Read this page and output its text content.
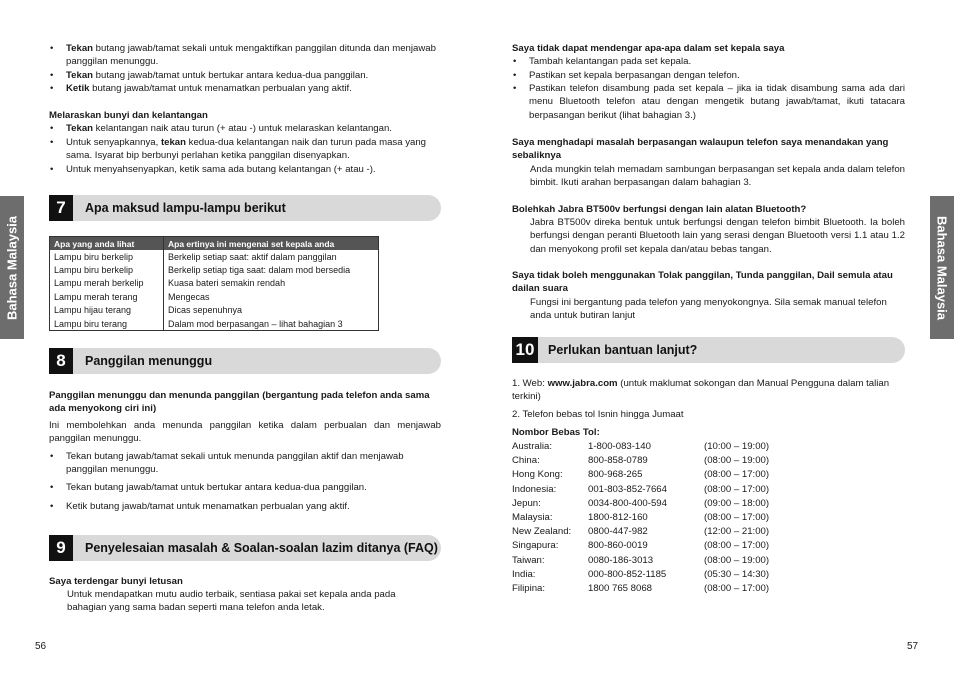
Bahasa Malaysia	Bahasa Malaysia
• Tekan butang jawab/tamat sekali untuk mengaktifkan panggilan ditunda dan menjawab panggilan menunggu.
• Tekan butang jawab/tamat untuk bertukar antara kedua-dua panggilan.
• Ketik butang jawab/tamat untuk menamatkan perbualan yang aktif.
Melaraskan bunyi dan kelantangan
• Tekan kelantangan naik atau turun (+ atau -) untuk melaraskan kelantangan.
• Untuk senyapkannya, tekan kedua-dua kelantangan naik dan turun pada masa yang sama. Isyarat bip berbunyi perlahan ketika panggilan disenyapkan.
• Untuk menyahsenyapkan, ketik sama ada butang kelantangan (+ atau -).
7	Apa maksud lampu-lampu berikut
Apa yang anda lihat	Apa ertinya ini mengenai set kepala anda
Lampu biru berkelip	Berkelip setiap saat: aktif dalam panggilan
Lampu biru berkelip	Berkelip setiap tiga saat: dalam mod bersedia
Lampu merah berkelip	Kuasa bateri semakin rendah
Lampu merah terang	Mengecas
Lampu hijau terang	Dicas sepenuhnya
Lampu biru terang	Dalam mod berpasangan – lihat bahagian 3
8	Panggilan menunggu
Panggilan menunggu dan menunda panggilan (bergantung pada telefon anda sama ada menyokong ciri ini)
Ini membolehkan anda menunda panggilan ketika dalam perbualan dan menjawab panggilan menunggu.
• Tekan butang jawab/tamat sekali untuk menunda panggilan aktif dan menjawab panggilan menunggu.
• Tekan butang jawab/tamat untuk bertukar antara kedua-dua panggilan.
• Ketik butang jawab/tamat untuk menamatkan perbualan yang aktif.
9	Penyelesaian masalah & Soalan-soalan lazim ditanya (FAQ)
Saya terdengar bunyi letusan
Untuk mendapatkan mutu audio terbaik, sentiasa pakai set kepala anda pada bahagian yang sama badan seperti mana telefon anda letak.
56
Saya tidak dapat mendengar apa-apa dalam set kepala saya
• Tambah kelantangan pada set kepala.
• Pastikan set kepala berpasangan dengan telefon.
• Pastikan telefon disambung pada set kepala – jika ia tidak disambung sama ada dari menu Bluetooth telefon atau dengan mengetik butang jawab/tamat, ikuti tatacara berpasangan berikut (lihat bahagian 3.)
Saya menghadapi masalah berpasangan walaupun telefon saya menandakan yang sebaliknya
Anda mungkin telah memadam sambungan berpasangan set kepala anda dalam telefon bimbit. Ikuti arahan berpasangan dalam bahagian 3.
Bolehkah Jabra BT500v berfungsi dengan lain alatan Bluetooth?
Jabra BT500v direka bentuk untuk berfungsi dengan telefon bimbit Bluetooth. Ia boleh berfungsi dengan peranti Bluetooth lain yang serasi dengan Bluetooth versi 1.1 atau 1.2 dan menyokong profil set kepala dan/atau bebas tangan.
Saya tidak boleh menggunakan Tolak panggilan, Tunda panggilan, Dail semula atau dailan suara
Fungsi ini bergantung pada telefon yang menyokongnya. Sila semak manual telefon anda untuk butiran lanjut
10 Perlukan bantuan lanjut?
1. Web: www.jabra.com (untuk maklumat sokongan dan Manual Pengguna dalam talian terkini)
2. Telefon bebas tol Isnin hingga Jumaat
Nombor Bebas Tol:
Australia:	1-800-083-140	(10:00 – 19:00)
China:	800-858-0789	(08:00 – 19:00)
Hong Kong:	800-968-265	(08:00 – 17:00)
Indonesia:	001-803-852-7664	(08:00 – 17:00)
Jepun:	0034-800-400-594	(09:00 – 18:00)
Malaysia:	1800-812-160	(08:00 – 17:00)
New Zealand: 0800-447-982	(12:00 – 21:00)
Singapura:	800-860-0019	(08:00 – 17:00)
Taiwan:	0080-186-3013	(08:00 – 19:00)
India:	000-800-852-1185	(05:30 – 14:30)
Filipina:	1800 765 8068	(08:00 – 17:00)
57
